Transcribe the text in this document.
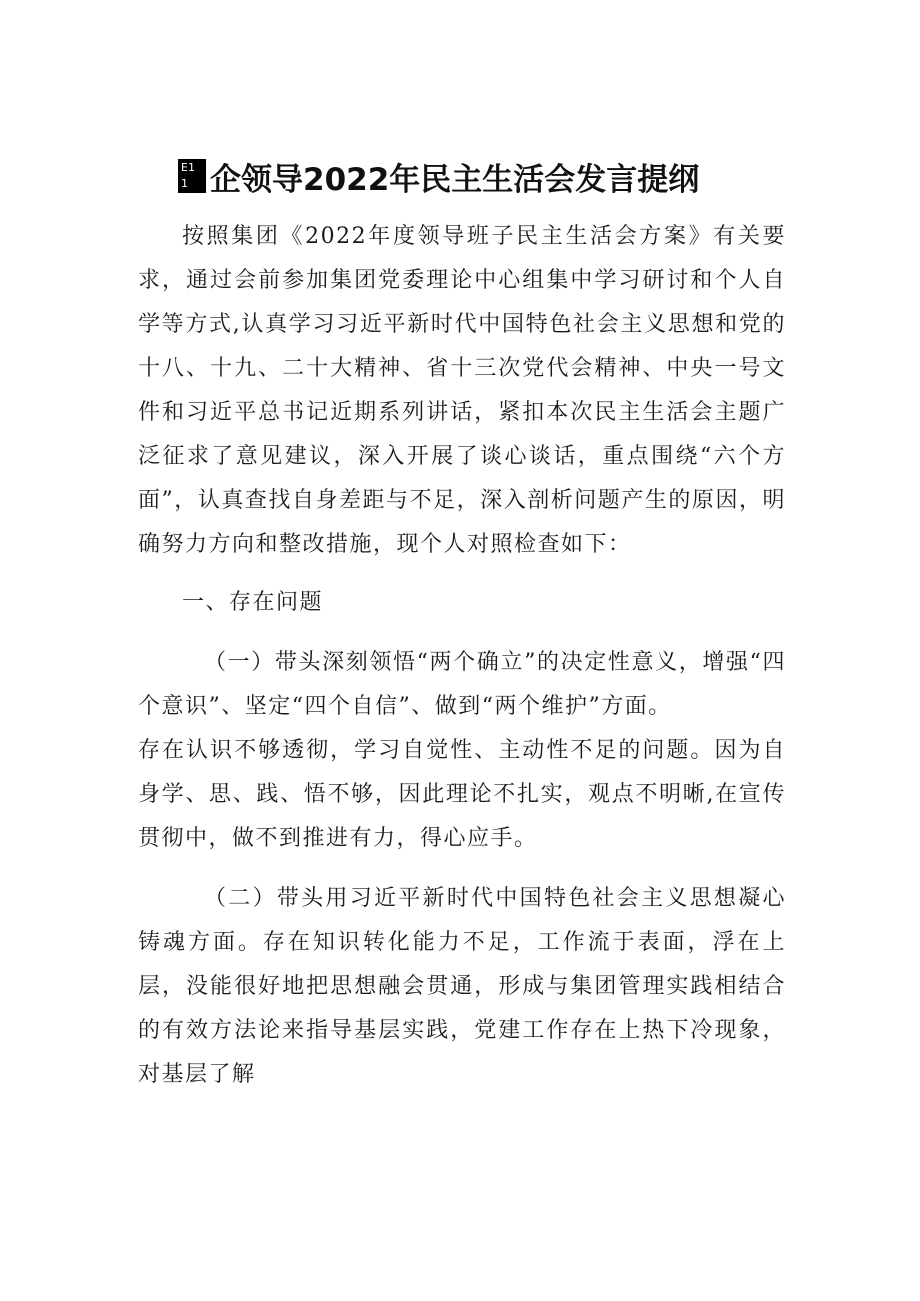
E1
1 企领导2022年民主生活会发言提纲

按照集团《2022年度领导班子民主生活会方案》有关要求，通过会前参加集团党委理论中心组集中学习研讨和个人自学等方式,认真学习习近平新时代中国特色社会主义思想和党的十八、十九、二十大精神、省十三次党代会精神、中央一号文件和习近平总书记近期系列讲话，紧扣本次民主生活会主题广泛征求了意见建议，深入开展了谈心谈话，重点围绕“六个方面”，认真查找自身差距与不足，深入剖析问题产生的原因，明确努力方向和整改措施，现个人对照检查如下：

一、存在问题

（一）带头深刻领悟“两个确立”的决定性意义，增强“四个意识”、坚定“四个自信”、做到“两个维护”方面。

存在认识不够透彻，学习自觉性、主动性不足的问题。因为自身学、思、践、悟不够，因此理论不扎实，观点不明晰,在宣传贯彻中，做不到推进有力，得心应手。

（二）带头用习近平新时代中国特色社会主义思想凝心铸魂方面。存在知识转化能力不足，工作流于表面，浮在上层，没能很好地把思想融会贯通，形成与集团管理实践相结合的有效方法论来指导基层实践，党建工作存在上热下冷现象，对基层了解
